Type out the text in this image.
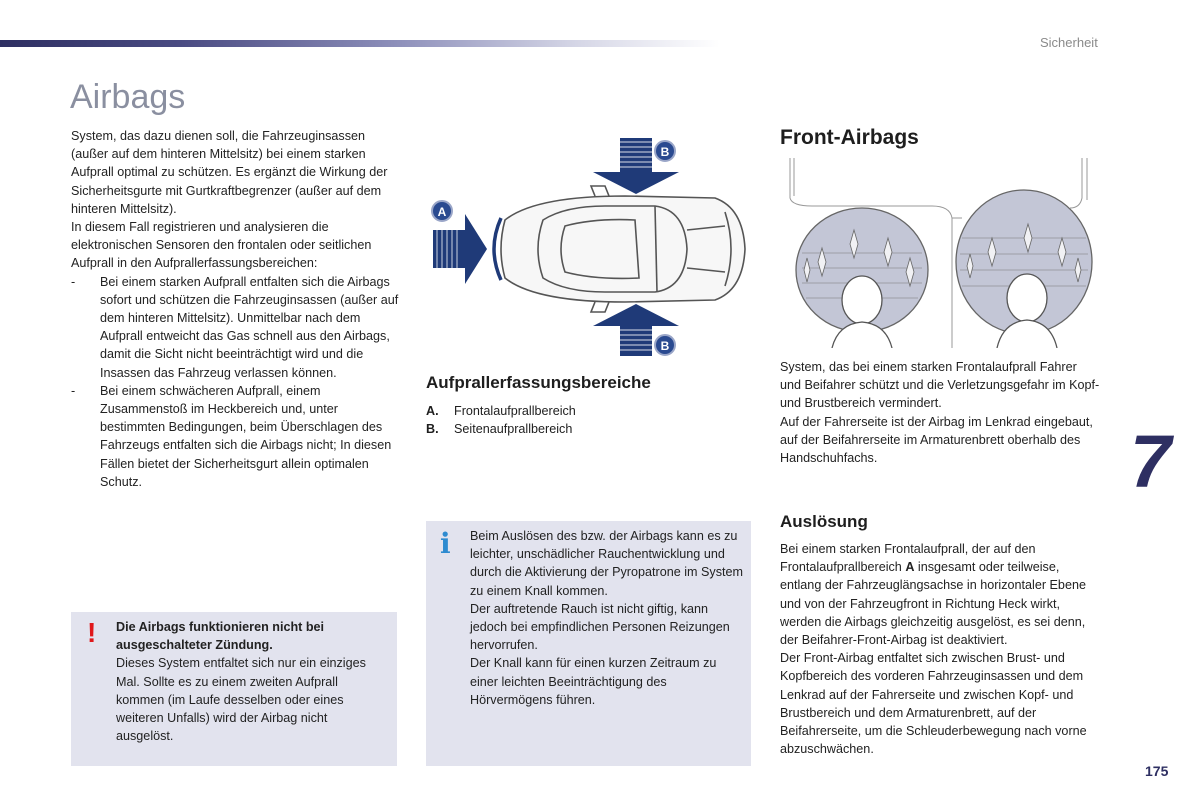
Sicherheit
Airbags

System, das dazu dienen soll, die Fahrzeuginsassen (außer auf dem hinteren Mittelsitz) bei einem starken Aufprall optimal zu schützen. Es ergänzt die Wirkung der Sicherheitsgurte mit Gurtkraftbegrenzer (außer auf dem hinteren Mittelsitz).

In diesem Fall registrieren und analysieren die elektronischen Sensoren den frontalen oder seitlichen Aufprall in den Aufprallerfassungsbereichen:

- Bei einem starken Aufprall entfalten sich die Airbags sofort und schützen die Fahrzeuginsassen (außer auf dem hinteren Mittelsitz). Unmittelbar nach dem Aufprall entweicht das Gas schnell aus den Airbags, damit die Sicht nicht beeinträchtigt wird und die Insassen das Fahrzeug verlassen können.
- Bei einem schwächeren Aufprall, einem Zusammenstoß im Heckbereich und, unter bestimmten Bedingungen, beim Überschlagen des Fahrzeugs entfalten sich die Airbags nicht; In diesen Fällen bietet der Sicherheitsgurt allein optimalen Schutz.
! Die Airbags funktionieren nicht bei ausgeschalteter Zündung.
Dieses System entfaltet sich nur ein einziges Mal. Sollte es zu einem zweiten Aufprall kommen (im Laufe desselben oder eines weiteren Unfalls) wird der Airbag nicht ausgelöst.
A
B
B
Aufprallerfassungsbereiche
A.	Frontalaufprallbereich
B.	Seitenaufprallbereich
i Beim Auslösen des bzw. der Airbags kann es zu leichter, unschädlicher Rauchentwicklung und durch die Aktivierung der Pyropatrone im System zu einem Knall kommen.
Der auftretende Rauch ist nicht giftig, kann jedoch bei empfindlichen Personen Reizungen hervorrufen.
Der Knall kann für einen kurzen Zeitraum zu einer leichten Beeinträchtigung des Hörvermögens führen.
Front-Airbags
System, das bei einem starken Frontalaufprall Fahrer und Beifahrer schützt und die Verletzungsgefahr im Kopf- und Brustbereich vermindert.
Auf der Fahrerseite ist der Airbag im Lenkrad eingebaut, auf der Beifahrerseite im Armaturenbrett oberhalb des Handschuhfachs.
Auslösung
Bei einem starken Frontalaufprall, der auf den Frontalaufprallbereich A insgesamt oder teilweise, entlang der Fahrzeuglängsachse in horizontaler Ebene und von der Fahrzeugfront in Richtung Heck wirkt, werden die Airbags gleichzeitig ausgelöst, es sei denn, der Beifahrer-Front-Airbag ist deaktiviert.
Der Front-Airbag entfaltet sich zwischen Brust- und Kopfbereich des vorderen Fahrzeuginsassen und dem Lenkrad auf der Fahrerseite und zwischen Kopf- und Brustbereich und dem Armaturenbrett, auf der Beifahrerseite, um die Schleuderbewegung nach vorne abzuschwächen.
7
175
